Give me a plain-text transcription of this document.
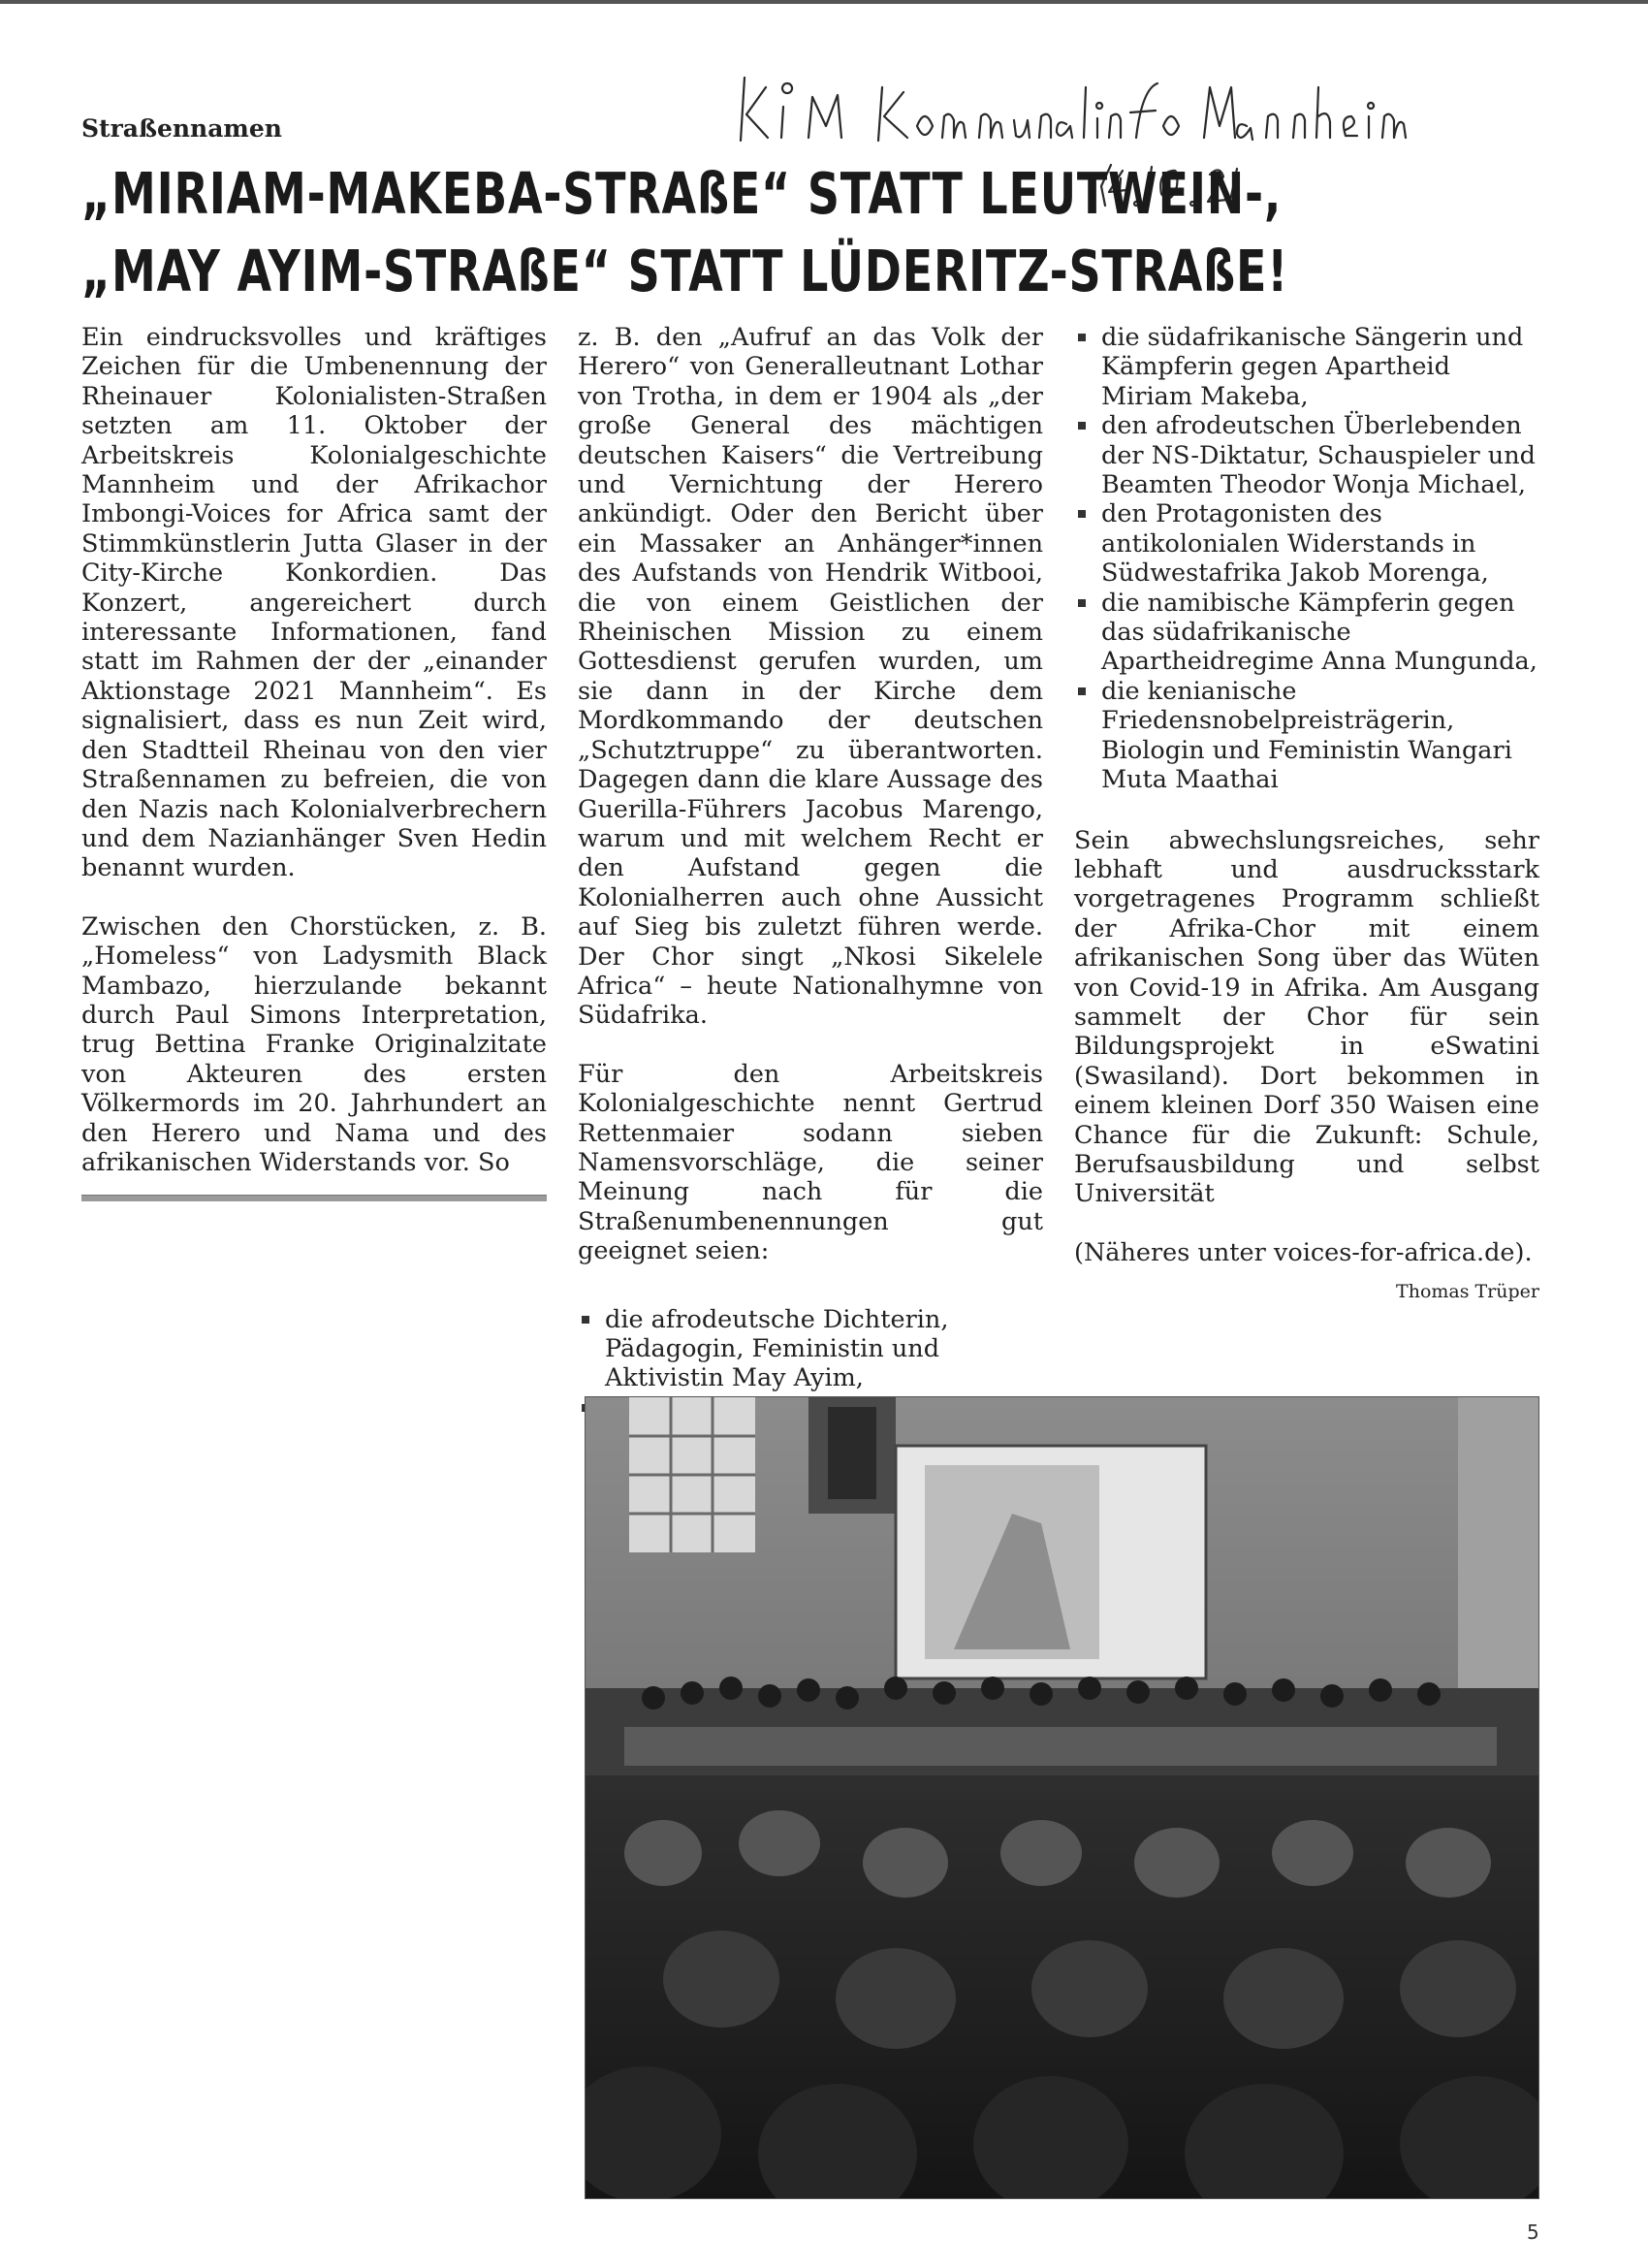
Straßennamen
„MIRIAM-MAKEBA-STRAßE“ STATT LEUTWEIN-,
„MAY AYIM-STRAßE“ STATT LÜDERITZ-STRAßE!

Ein eindrucksvolles und kräftiges Zeichen für die Umbenennung der Rheinauer Kolonialisten-Straßen setzten am 11. Oktober der Arbeitskreis Kolonialgeschichte Mannheim und der Afrikachor Imbongi-Voices for Africa samt der Stimmkünstlerin Jutta Glaser in der City-Kirche Konkordien. Das Konzert, angereichert durch interessante Informationen, fand statt im Rahmen der der „einander Aktionstage 2021 Mannheim“. Es signalisiert, dass es nun Zeit wird, den Stadtteil Rheinau von den vier Straßennamen zu befreien, die von den Nazis nach Kolonialverbrechern und dem Nazianhänger Sven Hedin benannt wurden.

Zwischen den Chorstücken, z. B. „Homeless“ von Ladysmith Black Mambazo, hierzulande bekannt durch Paul Simons Interpretation, trug Bettina Franke Originalzitate von Akteuren des ersten Völkermords im 20. Jahrhundert an den Herero und Nama und des afrikanischen Widerstands vor. So

z. B. den „Aufruf an das Volk der Herero“ von Generalleutnant Lothar von Trotha, in dem er 1904 als „der große General des mächtigen deutschen Kaisers“ die Vertreibung und Vernichtung der Herero ankündigt. Oder den Bericht über ein Massaker an Anhänger*innen des Aufstands von Hendrik Witbooi, die von einem Geistlichen der Rheinischen Mission zu einem Gottesdienst gerufen wurden, um sie dann in der Kirche dem Mordkommando der deutschen „Schutztruppe“ zu überantworten. Dagegen dann die klare Aussage des Guerilla-Führers Jacobus Marengo, warum und mit welchem Recht er den Aufstand gegen die Kolonialherren auch ohne Aussicht auf Sieg bis zuletzt führen werde. Der Chor singt „Nkosi Sikelele Africa“ – heute Nationalhymne von Südafrika.

Für den Arbeitskreis Kolonialgeschichte nennt Gertrud Rettenmaier sodann sieben Namensvorschläge, die seiner Meinung nach für die Straßenumbenennungen gut geeignet seien:

die afrodeutsche Dichterin, Pädagogin, Feministin und Aktivistin May Ayim,
die südafrikanische Sängerin und Kämpferin gegen Apartheid Miriam Makeba,
den afrodeutschen Überlebenden der NS-Diktatur, Schauspieler und Beamten Theodor Wonja Michael,
den Protagonisten des antikolonialen Widerstands in Südwestafrika Jakob Morenga,
die namibische Kämpferin gegen das südafrikanische Apartheidregime Anna Mungunda,
die kenianische Friedensnobelpreisträgerin, Biologin und Feministin Wangari Muta Maathai

Sein abwechslungsreiches, sehr lebhaft und ausdrucksstark vorgetragenes Programm schließt der Afrika-Chor mit einem afrikanischen Song über das Wüten von Covid-19 in Afrika. Am Ausgang sammelt der Chor für sein Bildungsprojekt in eSwatini (Swasiland). Dort bekommen in einem kleinen Dorf 350 Waisen eine Chance für die Zukunft: Schule, Berufsausbildung und selbst Universität

(Näheres unter voices-for-africa.de).

Thomas Trüper
5
